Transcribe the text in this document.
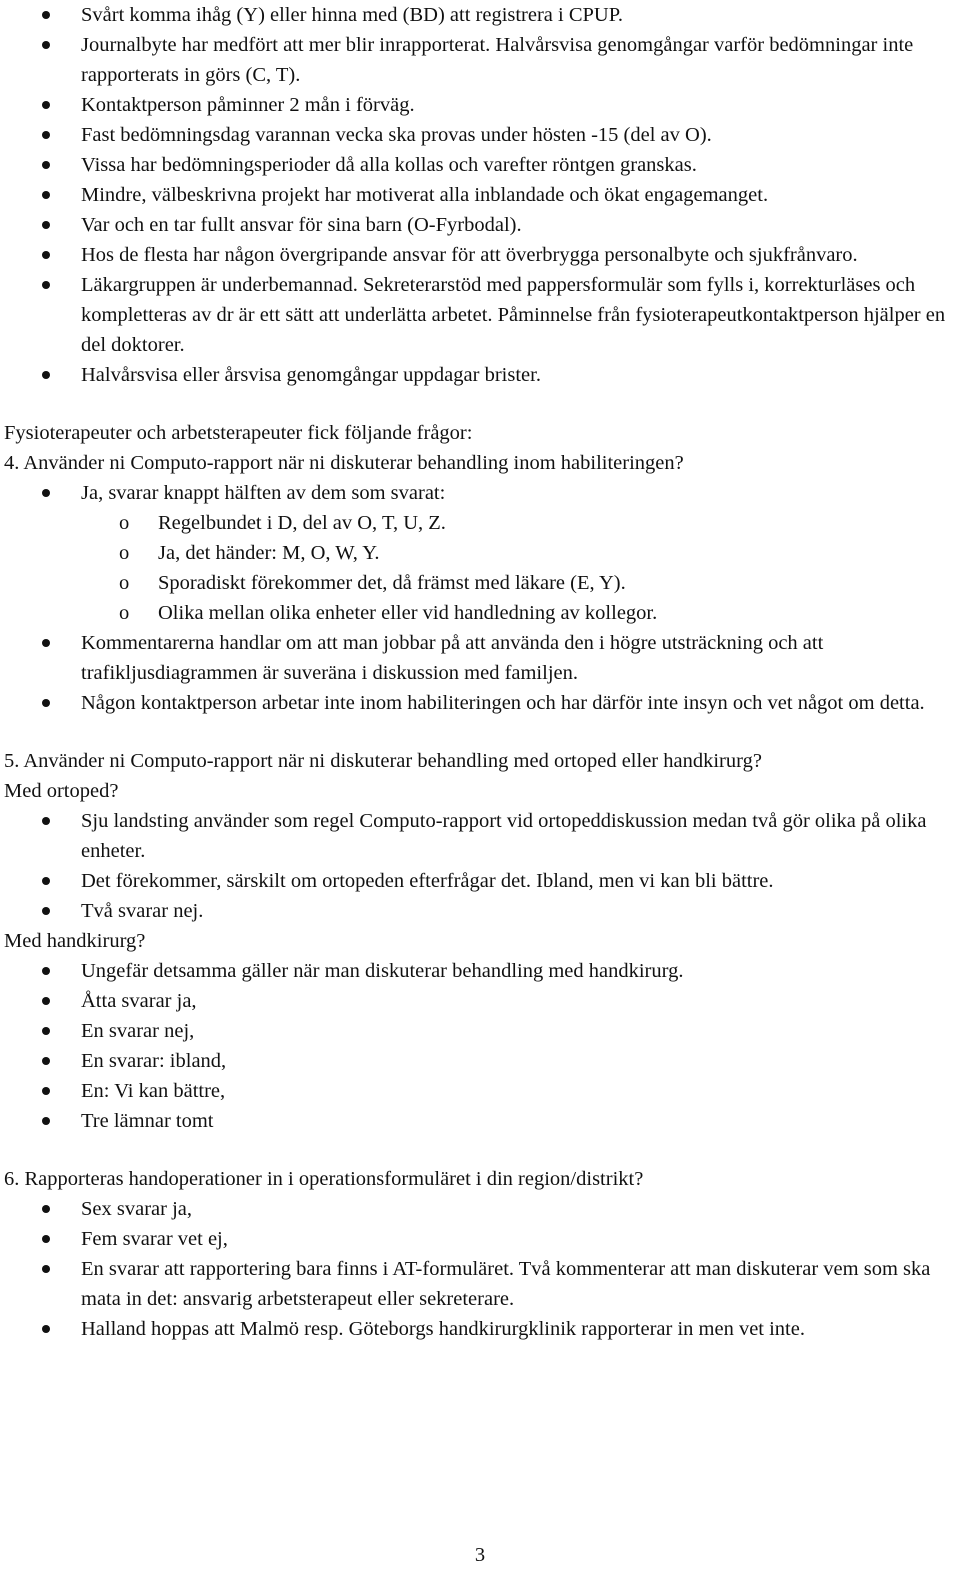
Svårt komma ihåg (Y) eller hinna med (BD) att registrera i CPUP.
Journalbyte har medfört att mer blir inrapporterat. Halvårsvisa genomgångar varför bedömningar inte rapporterats in görs (C, T).
Kontaktperson påminner 2 mån i förväg.
Fast bedömningsdag varannan vecka ska provas under hösten -15 (del av O).
Vissa har bedömningsperioder då alla kollas och varefter röntgen granskas.
Mindre, välbeskrivna projekt har motiverat alla inblandade och ökat engagemanget.
Var och en tar fullt ansvar för sina barn (O-Fyrbodal).
Hos de flesta har någon övergripande ansvar för att överbrygga personalbyte och sjukfrånvaro.
Läkargruppen är underbemannad. Sekreterarstöd med pappersformulär som fylls i, korrekturläses och kompletteras av dr är ett sätt att underlätta arbetet. Påminnelse från fysioterapeutkontaktperson hjälper en del doktorer.
Halvårsvisa eller årsvisa genomgångar uppdagar brister.
Fysioterapeuter och arbetsterapeuter fick följande frågor:
4. Använder ni Computo-rapport när ni diskuterar behandling inom habiliteringen?
Ja, svarar knappt hälften av dem som svarat:
o Regelbundet i D, del av O, T, U, Z.
o Ja, det händer: M, O, W, Y.
o Sporadiskt förekommer det, då främst med läkare (E, Y).
o Olika mellan olika enheter eller vid handledning av kollegor.
Kommentarerna handlar om att man jobbar på att använda den i högre utsträckning och att trafikljusdiagrammen är suveräna i diskussion med familjen.
Någon kontaktperson arbetar inte inom habiliteringen och har därför inte insyn och vet något om detta.
5. Använder ni Computo-rapport när ni diskuterar behandling med ortoped eller handkirurg?
Med ortoped?
Sju landsting använder som regel Computo-rapport vid ortopeddiskussion medan två gör olika på olika enheter.
Det förekommer, särskilt om ortopeden efterfrågar det. Ibland, men vi kan bli bättre.
Två svarar nej.
Med handkirurg?
Ungefär detsamma gäller när man diskuterar behandling med handkirurg.
Åtta svarar ja,
En svarar nej,
En svarar: ibland,
En: Vi kan bättre,
Tre lämnar tomt
6. Rapporteras handoperationer in i operationsformuläret i din region/distrikt?
Sex svarar ja,
Fem svarar vet ej,
En svarar att rapportering bara finns i AT-formuläret. Två kommenterar att man diskuterar vem som ska mata in det: ansvarig arbetsterapeut eller sekreterare.
Halland hoppas att Malmö resp. Göteborgs handkirurgklinik rapporterar in men vet inte.
3
